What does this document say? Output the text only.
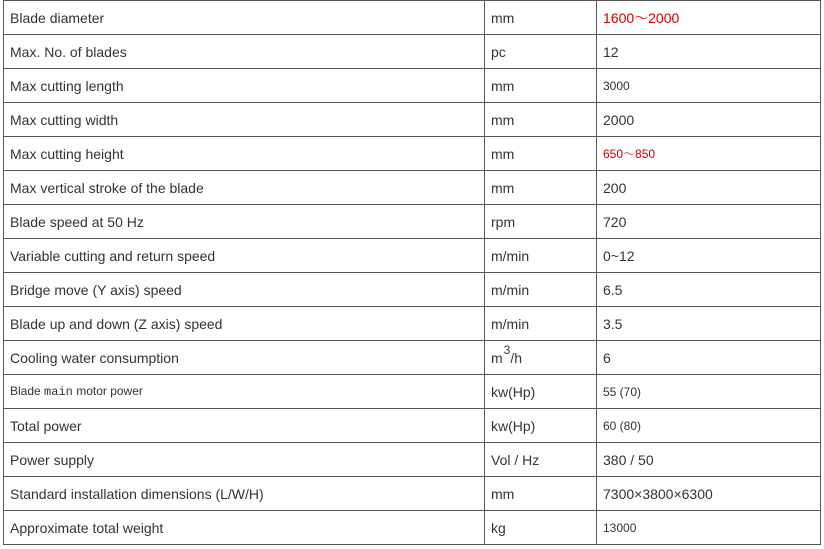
Blade diameter	mm	1600～2000
Max. No. of blades	pc	12
Max cutting length	mm	3000
Max cutting width	mm	2000
Max cutting height	mm	650～850
Max vertical stroke of the blade	mm	200
Blade speed at 50 Hz	rpm	720
Variable cutting and return speed	m/min	0~12
Bridge move (Y axis) speed	m/min	6.5
Blade up and down (Z axis) speed	m/min	3.5
Cooling water consumption	m3/h	6
Blade main motor power	kw(Hp)	55 (70)
Total power	kw(Hp)	60 (80)
Power supply	Vol / Hz	380 / 50
Standard installation dimensions (L/W/H)	mm	7300×3800×6300
Approximate total weight	kg	13000
